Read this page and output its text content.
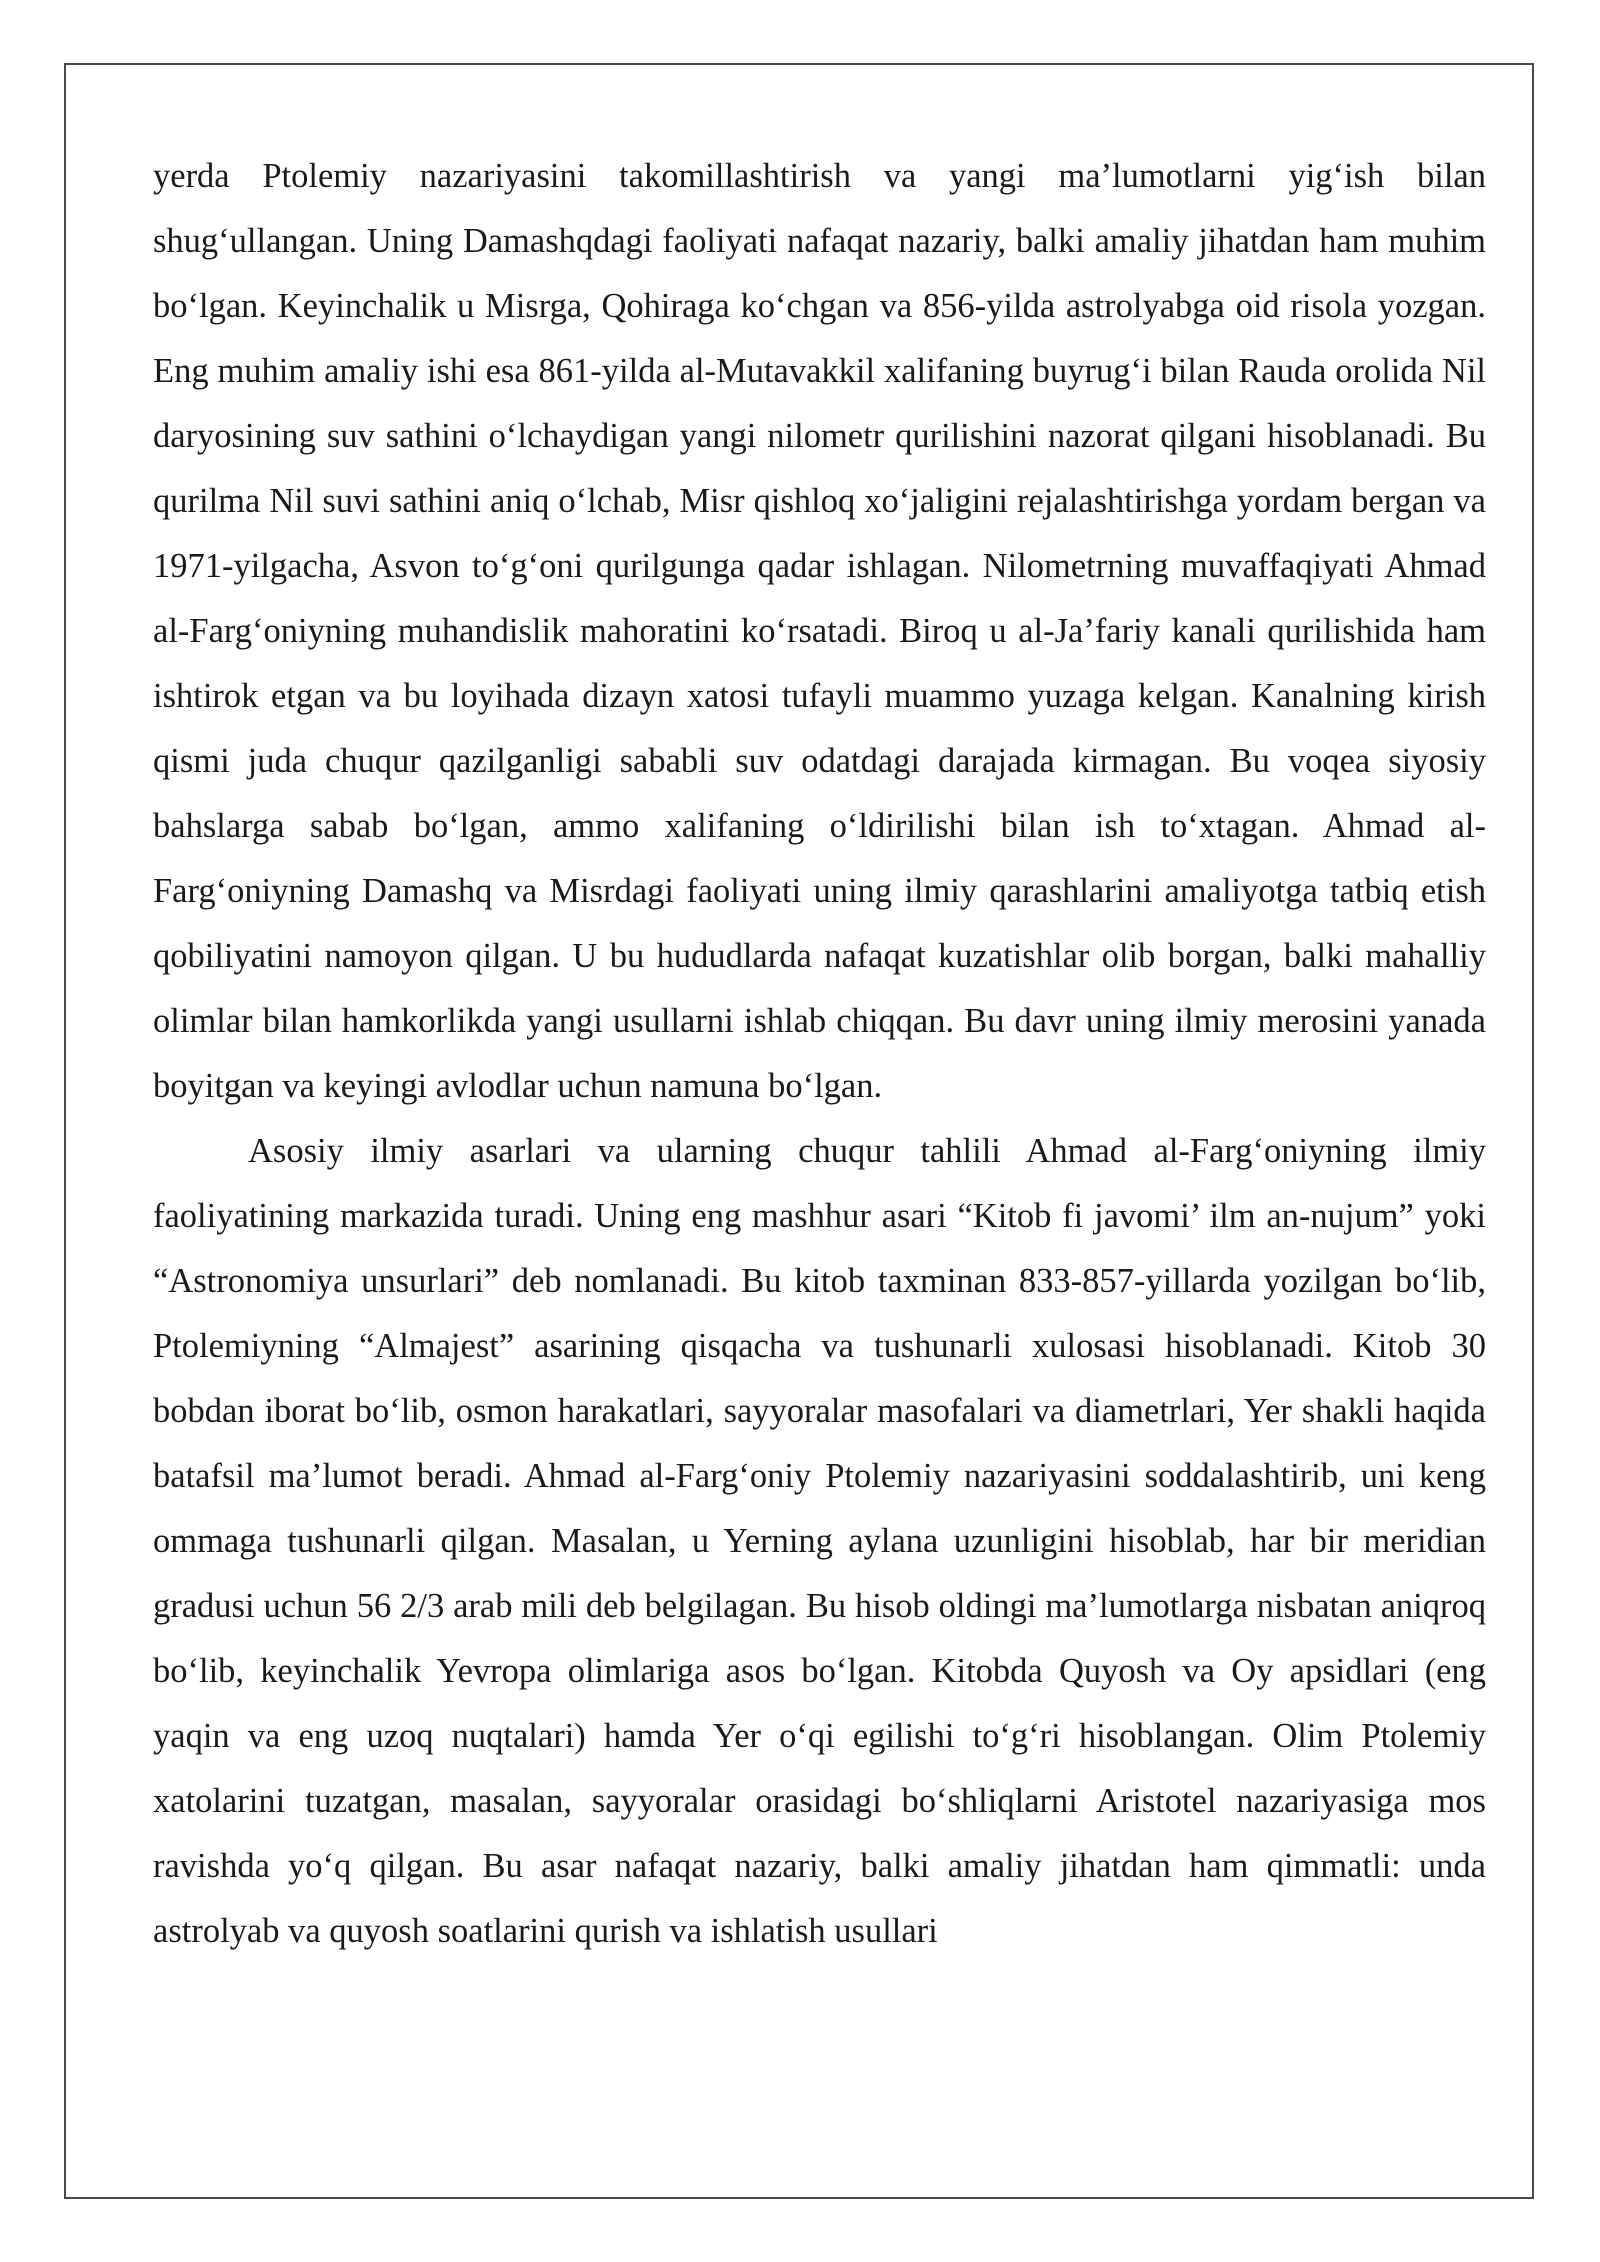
yerda Ptolemiy nazariyasini takomillashtirish va yangi ma’lumotlarni yig‘ish bilan shug‘ullangan. Uning Damashqdagi faoliyati nafaqat nazariy, balki amaliy jihatdan ham muhim bo‘lgan. Keyinchalik u Misrga, Qohiraga ko‘chgan va 856-yilda astrolyabga oid risola yozgan. Eng muhim amaliy ishi esa 861-yilda al-Mutavakkil xalifaning buyrug‘i bilan Rauda orolida Nil daryosining suv sathini o‘lchaydigan yangi nilometr qurilishini nazorat qilgani hisoblanadi. Bu qurilma Nil suvi sathini aniq o‘lchab, Misr qishloq xo‘jaligini rejalashtirishga yordam bergan va 1971-yilgacha, Asvon to‘g‘oni qurilgunga qadar ishlagan. Nilometrning muvaffaqiyati Ahmad al-Farg‘oniyning muhandislik mahoratini ko‘rsatadi. Biroq u al-Ja’fariy kanali qurilishida ham ishtirok etgan va bu loyihada dizayn xatosi tufayli muammo yuzaga kelgan. Kanalning kirish qismi juda chuqur qazilganligi sababli suv odatdagi darajada kirmagan. Bu voqea siyosiy bahslarga sabab bo‘lgan, ammo xalifaning o‘ldirilishi bilan ish to‘xtagan. Ahmad al-Farg‘oniyning Damashq va Misrdagi faoliyati uning ilmiy qarashlarini amaliyotga tatbiq etish qobiliyatini namoyon qilgan. U bu hududlarda nafaqat kuzatishlar olib borgan, balki mahalliy olimlar bilan hamkorlikda yangi usullarni ishlab chiqqan. Bu davr uning ilmiy merosini yanada boyitgan va keyingi avlodlar uchun namuna bo‘lgan.

Asosiy ilmiy asarlari va ularning chuqur tahlili Ahmad al-Farg‘oniyning ilmiy faoliyatining markazida turadi. Uning eng mashhur asari “Kitob fi javomi’ ilm an-nujum” yoki “Astronomiya unsurlari” deb nomlanadi. Bu kitob taxminan 833-857-yillarda yozilgan bo‘lib, Ptolemiyning “Almajest” asarining qisqacha va tushunarli xulosasi hisoblanadi. Kitob 30 bobdan iborat bo‘lib, osmon harakatlari, sayyoralar masofalari va diametrlari, Yer shakli haqida batafsil ma’lumot beradi. Ahmad al-Farg‘oniy Ptolemiy nazariyasini soddalashtirib, uni keng ommaga tushunarli qilgan. Masalan, u Yerning aylana uzunligini hisoblab, har bir meridian gradusi uchun 56 2/3 arab mili deb belgilagan. Bu hisob oldingi ma’lumotlarga nisbatan aniqroq bo‘lib, keyinchalik Yevropa olimlariga asos bo‘lgan. Kitobda Quyosh va Oy apsidlari (eng yaqin va eng uzoq nuqtalari) hamda Yer o‘qi egilishi to‘g‘ri hisoblangan. Olim Ptolemiy xatolarini tuzatgan, masalan, sayyoralar orasidagi bo‘shliqlarni Aristotel nazariyasiga mos ravishda yo‘q qilgan. Bu asar nafaqat nazariy, balki amaliy jihatdan ham qimmatli: unda astrolyab va quyosh soatlarini qurish va ishlatish usullari
